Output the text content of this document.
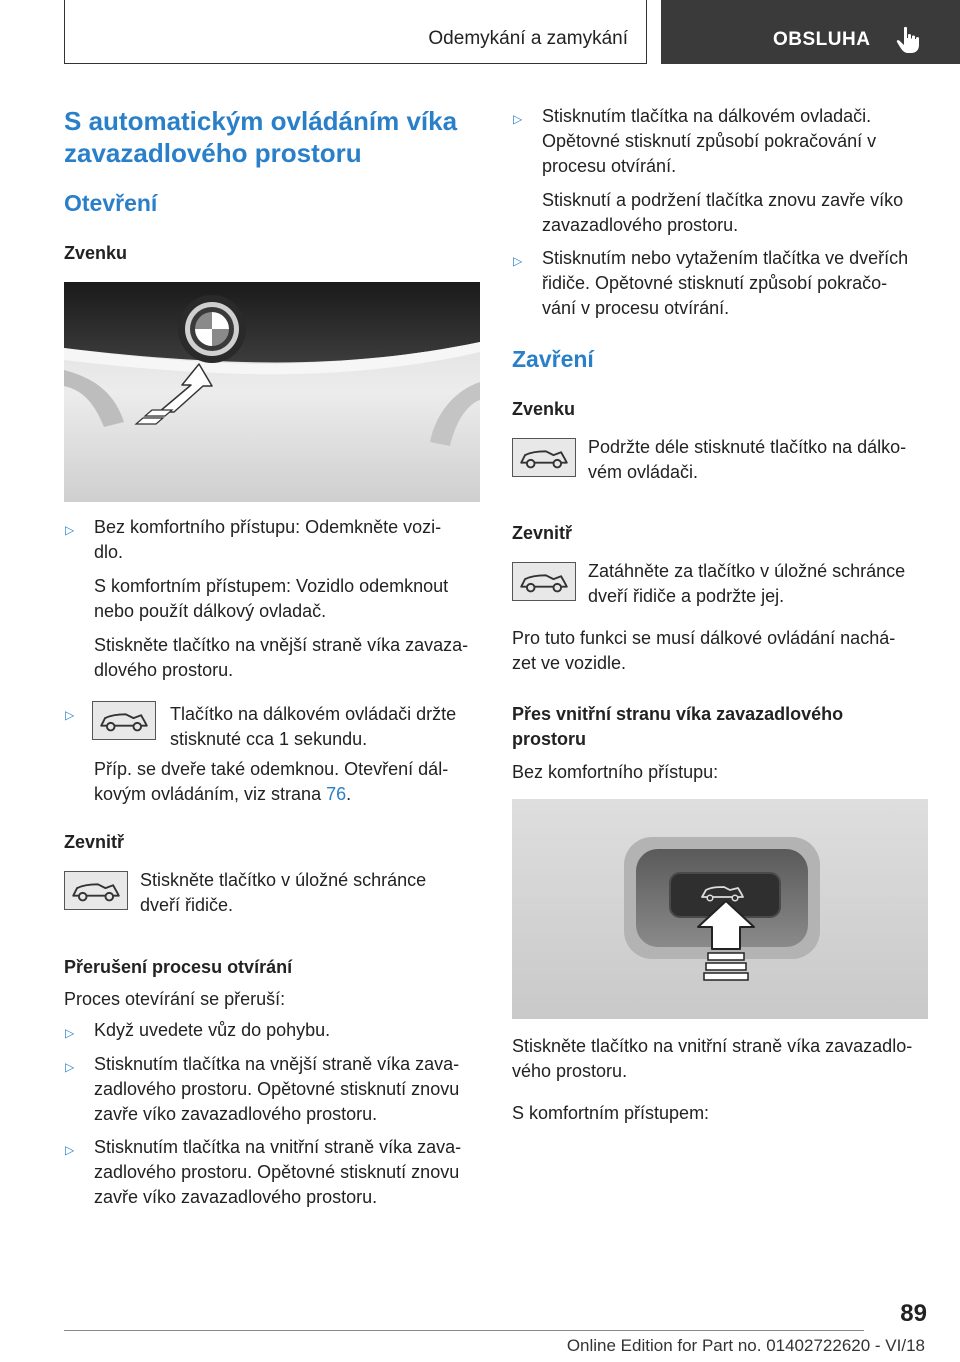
Odemykání a zamykání	OBSLUHA
S automatickým ovládáním víka
zavazadlového prostoru
Otevření
Zvenku
▷ Bez komfortního přístupu: Odemkněte vozi-
dlo.
S komfortním přístupem: Vozidlo odemknout
nebo použít dálkový ovladač.
Stiskněte tlačítko na vnější straně víka zavaza-
dlového prostoru.
▷	Tlačítko na dálkovém ovládači držte
stisknuté cca 1 sekundu.
Příp. se dveře také odemknou. Otevření dál-
kovým ovládáním, viz strana 76.
Zevnitř
Stiskněte tlačítko v úložné schránce
dveří řidiče.
Přerušení procesu otvírání
Proces otevírání se přeruší:
▷ Když uvedete vůz do pohybu.
▷ Stisknutím tlačítka na vnější straně víka zava-
zadlového prostoru. Opětovné stisknutí znovu
zavře víko zavazadlového prostoru.
▷ Stisknutím tlačítka na vnitřní straně víka zava-
zadlového prostoru. Opětovné stisknutí znovu
zavře víko zavazadlového prostoru.
▷ Stisknutím tlačítka na dálkovém ovladači.
Opětovné stisknutí způsobí pokračování v
procesu otvírání.
Stisknutí a podržení tlačítka znovu zavře víko
zavazadlového prostoru.
▷ Stisknutím nebo vytažením tlačítka ve dveřích
řidiče. Opětovné stisknutí způsobí pokračo-
vání v procesu otvírání.
Zavření
Zvenku
Podržte déle stisknuté tlačítko na dálko-
vém ovládači.
Zevnitř
Zatáhněte za tlačítko v úložné schránce
dveří řidiče a podržte jej.
Pro tuto funkci se musí dálkové ovládání nachá-
zet ve vozidle.
Přes vnitřní stranu víka zavazadlového
prostoru
Bez komfortního přístupu:
Stiskněte tlačítko na vnitřní straně víka zavazadlo-
vého prostoru.
S komfortním přístupem:
89
Online Edition for Part no. 01402722620 - VI/18
